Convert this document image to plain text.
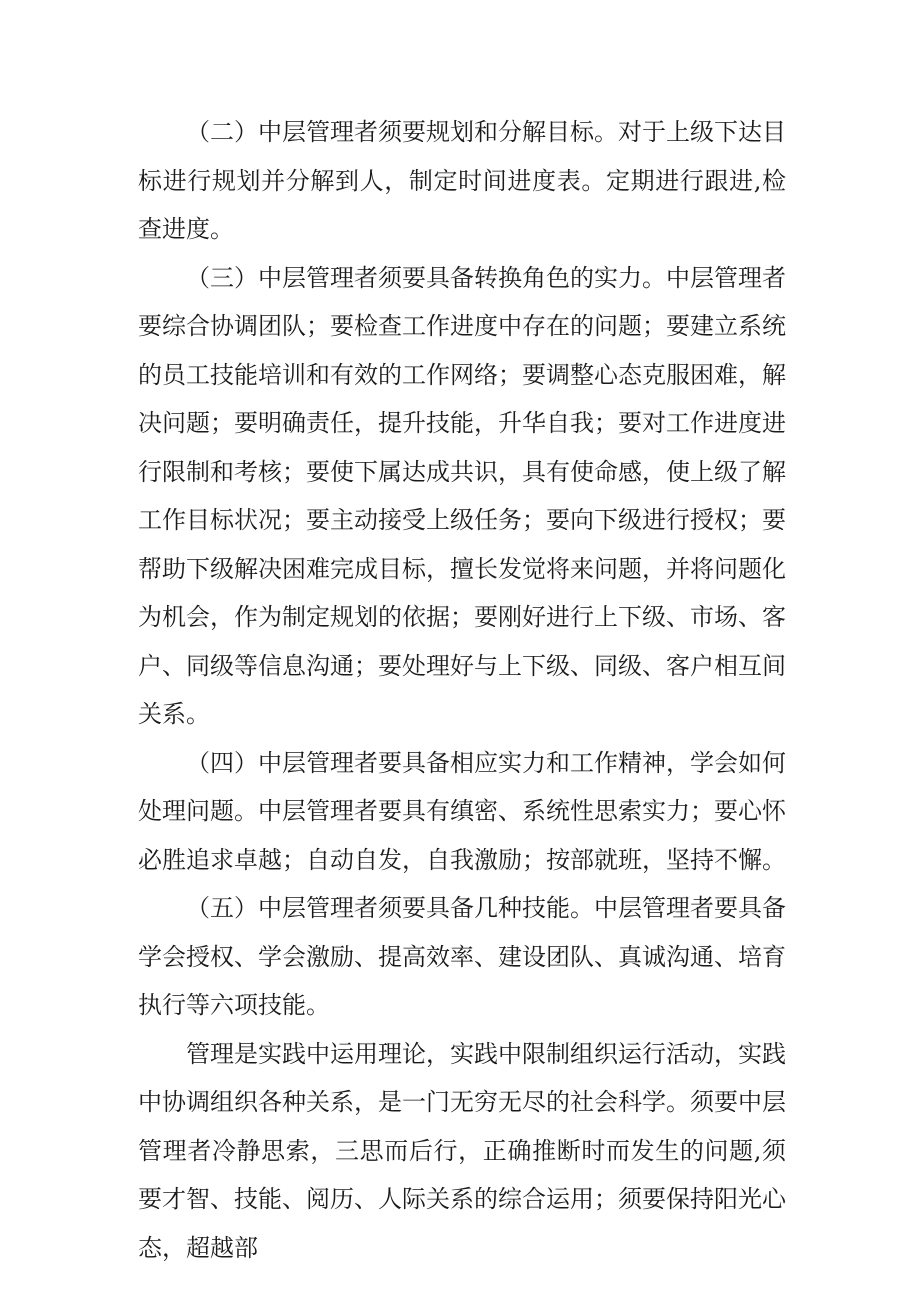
（二）中层管理者须要规划和分解目标。对于上级下达目标进行规划并分解到人，制定时间进度表。定期进行跟进,检查进度。

（三）中层管理者须要具备转换角色的实力。中层管理者要综合协调团队；要检查工作进度中存在的问题；要建立系统的员工技能培训和有效的工作网络；要调整心态克服困难，解决问题；要明确责任，提升技能，升华自我；要对工作进度进行限制和考核；要使下属达成共识，具有使命感，使上级了解工作目标状况；要主动接受上级任务；要向下级进行授权；要帮助下级解决困难完成目标，擅长发觉将来问题，并将问题化为机会，作为制定规划的依据；要刚好进行上下级、市场、客户、同级等信息沟通；要处理好与上下级、同级、客户相互间关系。

（四）中层管理者要具备相应实力和工作精神，学会如何处理问题。中层管理者要具有缜密、系统性思索实力；要心怀必胜追求卓越；自动自发，自我激励；按部就班，坚持不懈。

（五）中层管理者须要具备几种技能。中层管理者要具备学会授权、学会激励、提高效率、建设团队、真诚沟通、培育执行等六项技能。

管理是实践中运用理论，实践中限制组织运行活动，实践中协调组织各种关系，是一门无穷无尽的社会科学。须要中层管理者冷静思索，三思而后行，正确推断时而发生的问题,须要才智、技能、阅历、人际关系的综合运用；须要保持阳光心态，超越部
